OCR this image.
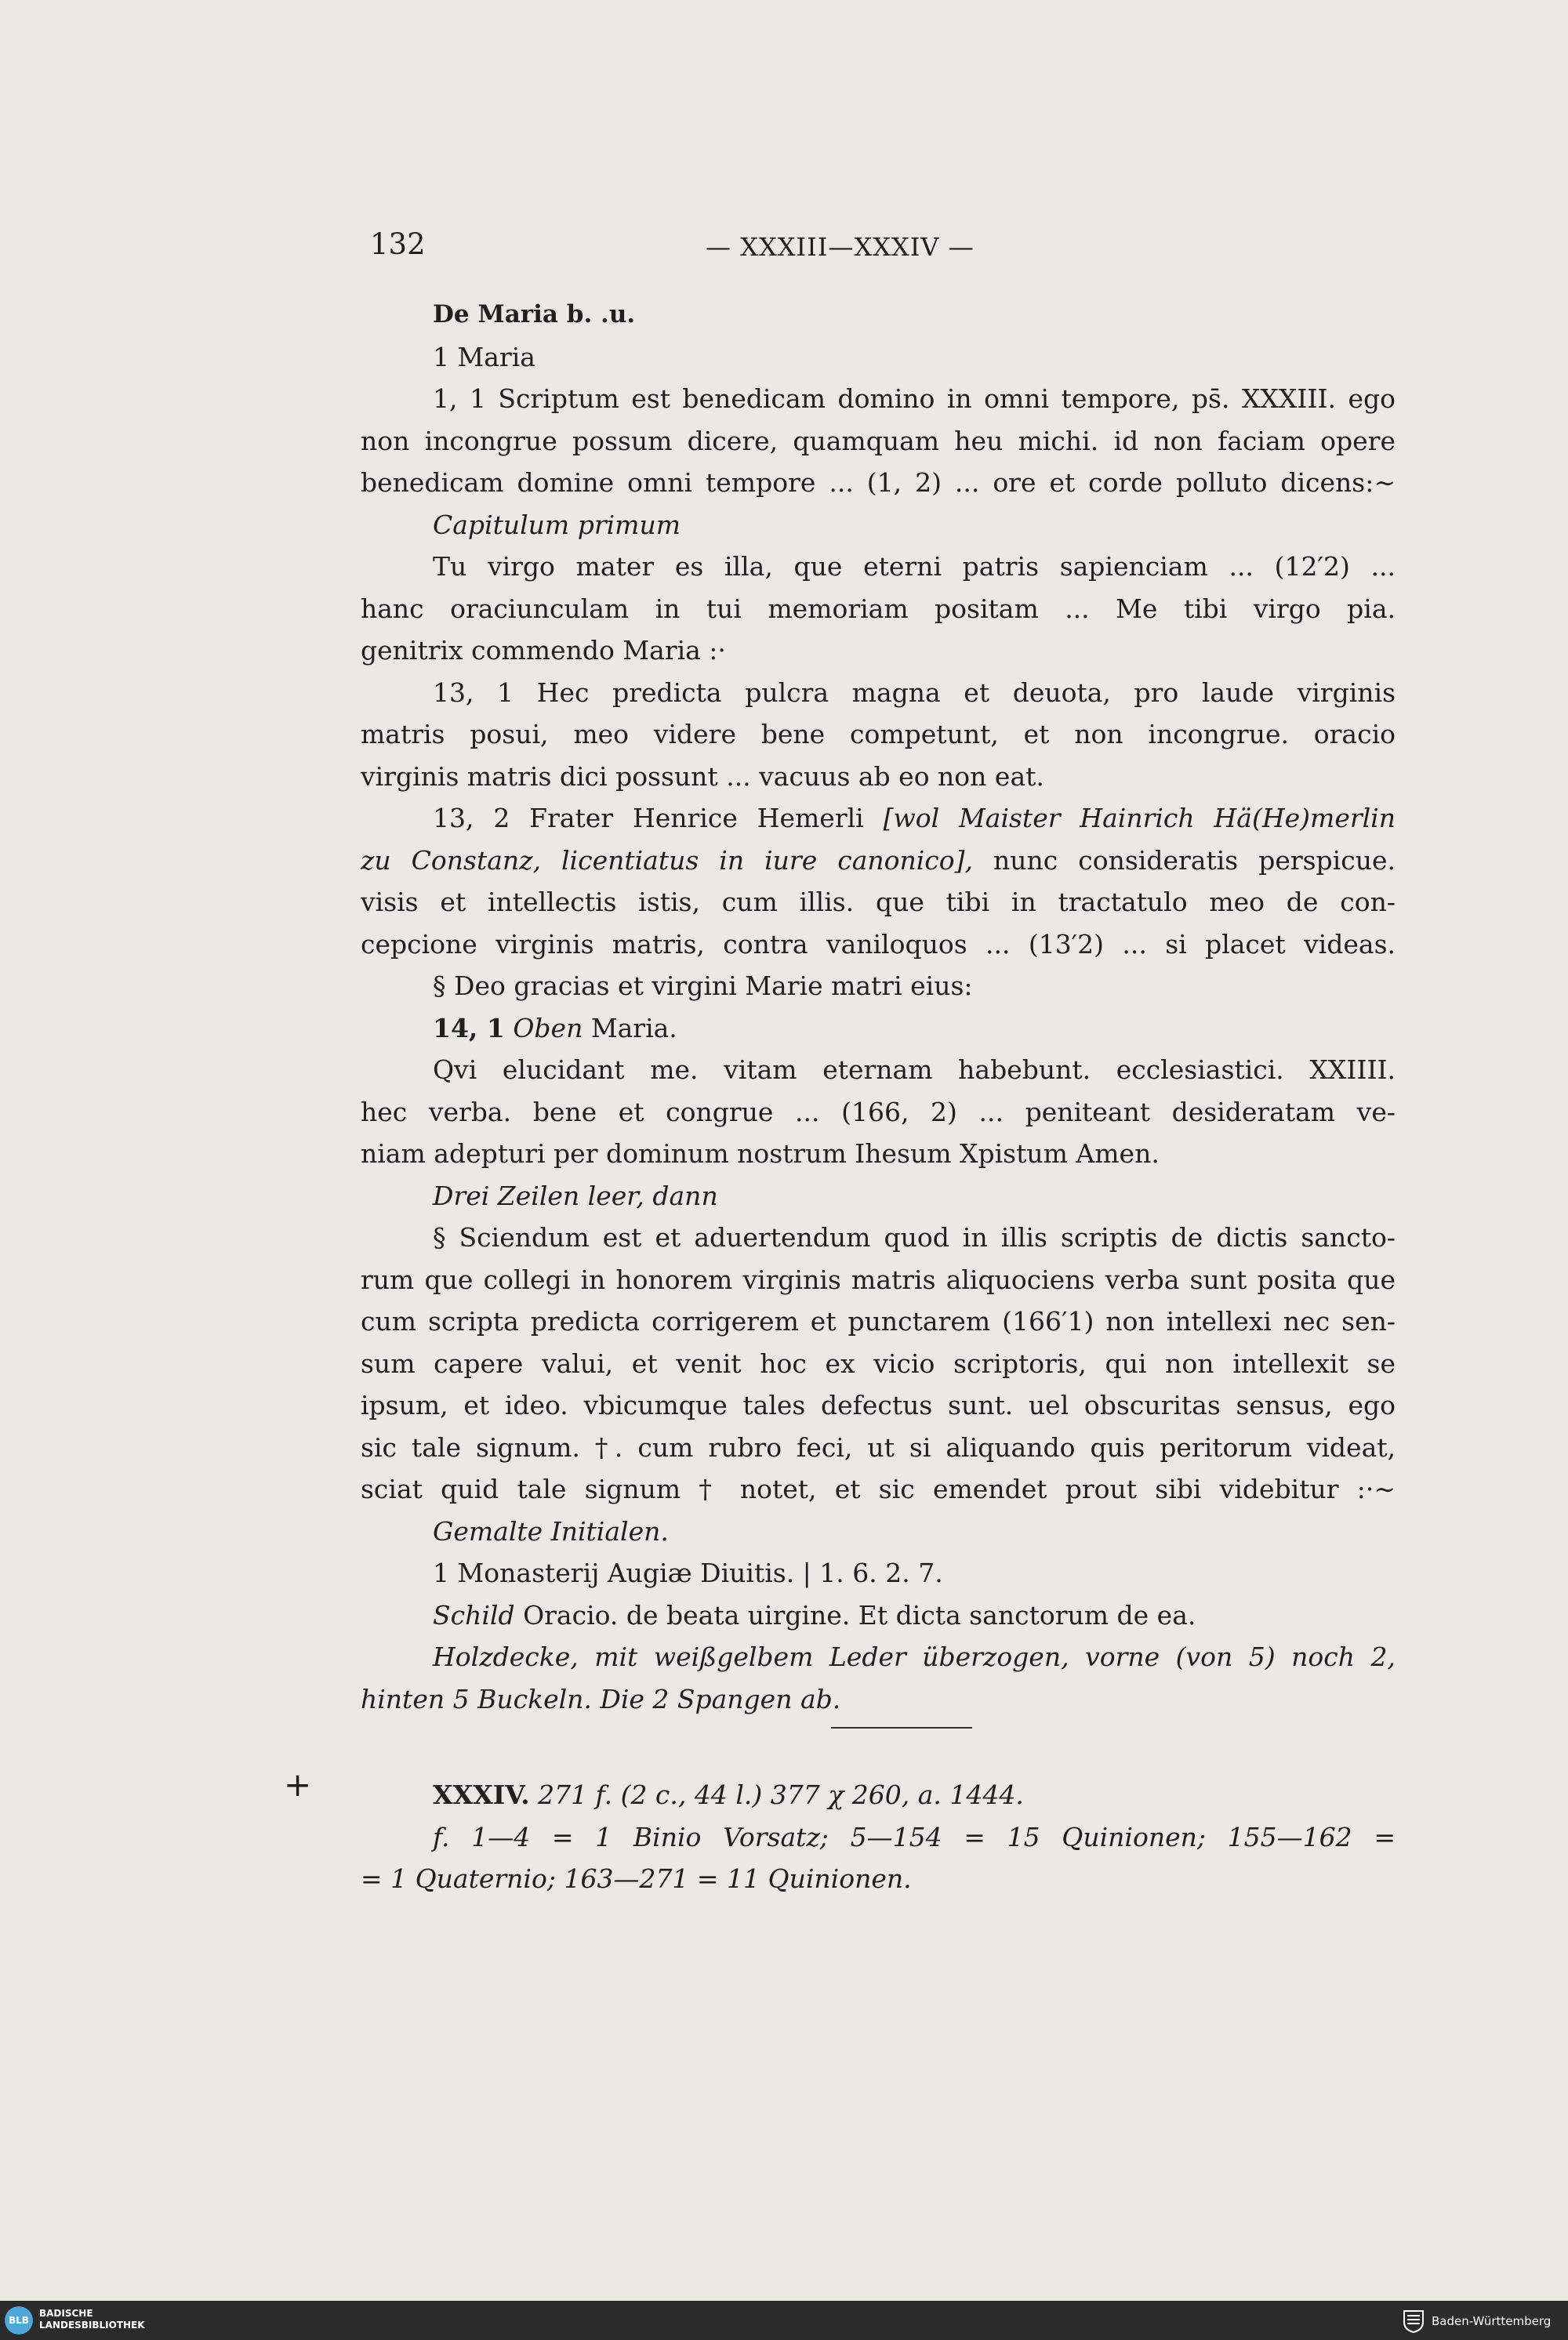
132	— XXXIII—XXXIV —
De Maria b. .u.
1 Maria
1, 1 Scriptum est benedicam domino in omni tempore, ps̄. XXXIII. ego
non incongrue possum dicere, quamquam heu michi. id non faciam opere
benedicam domine omni tempore ... (1, 2) ... ore et corde polluto dicens:∼
Capitulum primum
Tu virgo mater es illa, que eterni patris sapienciam ... (12′2) ...
hanc oraciunculam in tui memoriam positam ... Me tibi virgo pia.
genitrix commendo Maria :·
13, 1 Hec predicta pulcra magna et deuota, pro laude virginis
matris posui, meo videre bene competunt, et non incongrue. oracio
virginis matris dici possunt ... vacuus ab eo non eat.
13, 2 Frater Henrice Hemerli [wol Maister Hainrich Hä(He)merlin
zu Constanz, licentiatus in iure canonico], nunc consideratis perspicue.
visis et intellectis istis, cum illis. que tibi in tractatulo meo de con-
cepcione virginis matris, contra vaniloquos ... (13′2) ... si placet videas.
§ Deo gracias et virgini Marie matri eius:
14, 1 Oben Maria.
Qvi elucidant me. vitam eternam habebunt. ecclesiastici. XXIIII.
hec verba. bene et congrue ... (166, 2) ... peniteant desideratam ve-
niam adepturi per dominum nostrum Ihesum Xpistum Amen.
Drei Zeilen leer, dann
§ Sciendum est et aduertendum quod in illis scriptis de dictis sancto-
rum que collegi in honorem virginis matris aliquociens verba sunt posita que
cum scripta predicta corrigerem et punctarem (166′1) non intellexi nec sen-
sum capere valui, et venit hoc ex vicio scriptoris, qui non intellexit se
ipsum, et ideo. vbicumque tales defectus sunt. uel obscuritas sensus, ego
sic tale signum. †. cum rubro feci, ut si aliquando quis peritorum videat,
sciat quid tale signum † notet, et sic emendet prout sibi videbitur :·∼
Gemalte Initialen.
1 Monasterij Augiæ Diuitis. | 1. 6. 2. 7.
Schild Oracio. de beata uirgine. Et dicta sanctorum de ea.
Holzdecke, mit weißgelbem Leder überzogen, vorne (von 5) noch 2,
hinten 5 Buckeln. Die 2 Spangen ab.
+	XXXIV. 271 f. (2 c., 44 l.) 377 χ 260, a. 1444.
f. 1—4 = 1 Binio Vorsatz; 5—154 = 15 Quinionen; 155—162 =
= 1 Quaternio; 163—271 = 11 Quinionen.
BLB
BADISCHE
LANDESBIBLIOTHEK	Baden-Württemberg
